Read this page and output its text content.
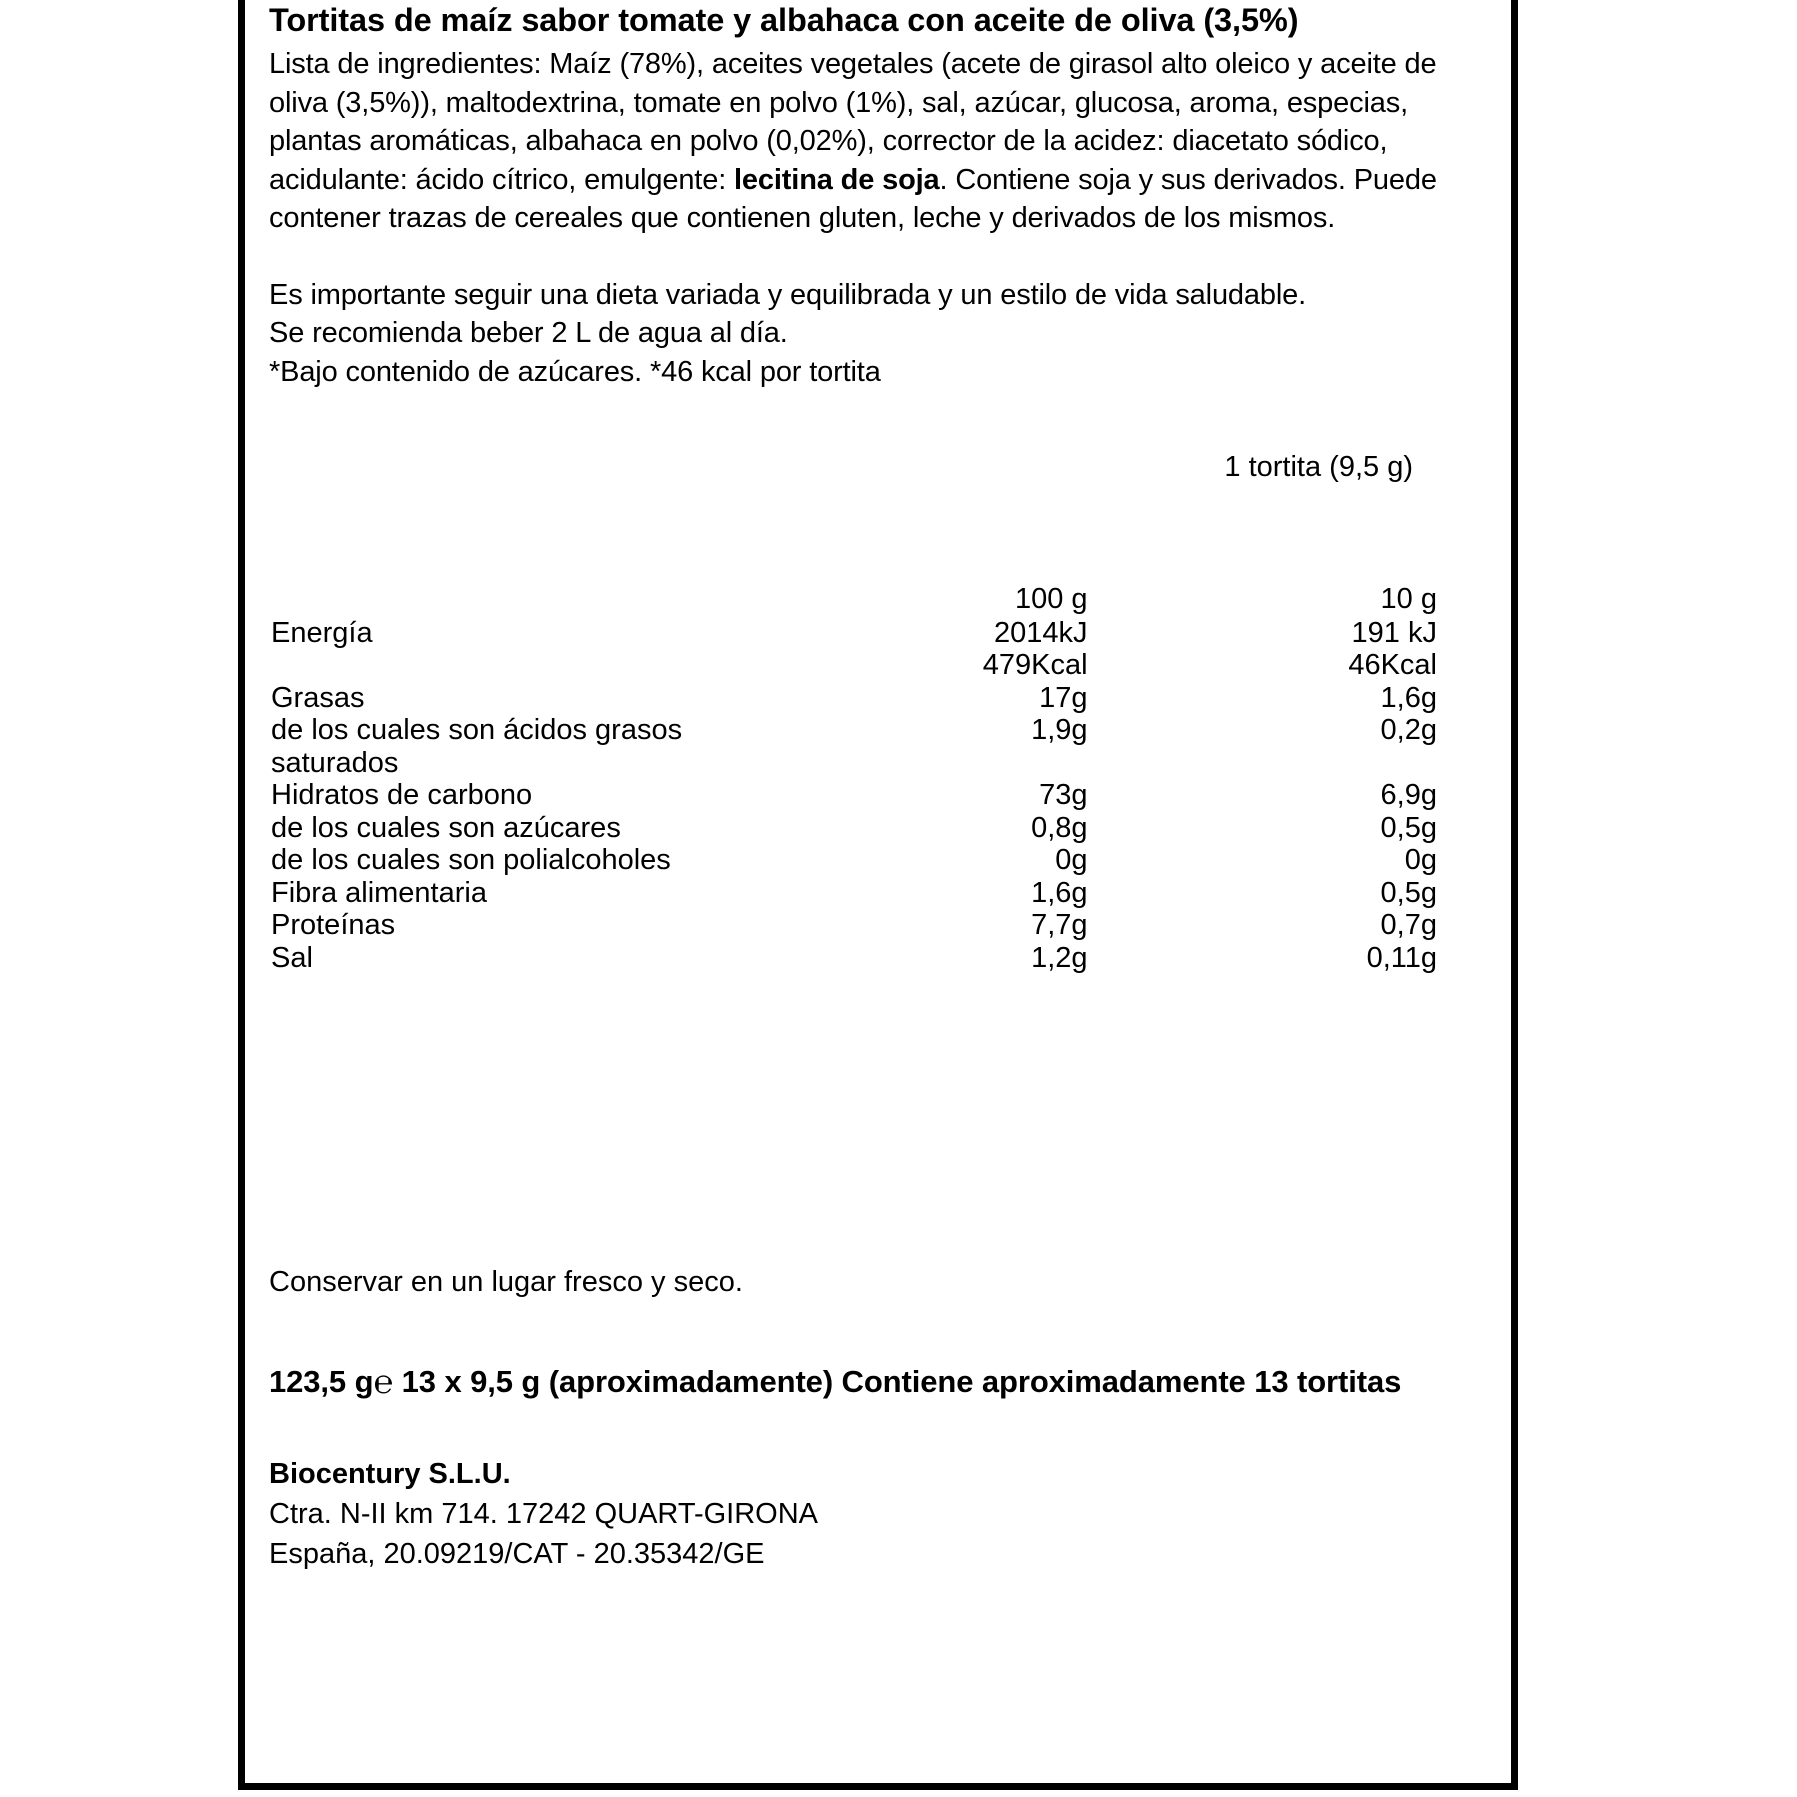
Tortitas de maíz sabor tomate y albahaca con aceite de oliva (3,5%)

Lista de ingredientes: Maíz (78%), aceites vegetales (acete de girasol alto oleico y aceite de oliva (3,5%)), maltodextrina, tomate en polvo (1%), sal, azúcar, glucosa, aroma, especias, plantas aromáticas, albahaca en polvo (0,02%), corrector de la acidez: diacetato sódico, acidulante: ácido cítrico, emulgente: lecitina de soja. Contiene soja y sus derivados. Puede contener trazas de cereales que contienen gluten, leche y derivados de los mismos.

Es importante seguir una dieta variada y equilibrada y un estilo de vida saludable.

Se recomienda beber 2 L de agua al día.

*Bajo contenido de azúcares. *46 kcal por tortita

1 tortita (9,5 g)
	100 g	10 g
Energía	2014kJ	191 kJ
	479Kcal	46Kcal
Grasas	17g	1,6g
de los cuales son ácidos grasos saturados	1,9g	0,2g
Hidratos de carbono	73g	6,9g
de los cuales son azúcares	0,8g	0,5g
de los cuales son polialcoholes	0g	0g
Fibra alimentaria	1,6g	0,5g
Proteínas	7,7g	0,7g
Sal	1,2g	0,11g

Conservar en un lugar fresco y seco.

123,5 g℮ 13 x 9,5 g (aproximadamente) Contiene aproximadamente 13 tortitas

Biocentury S.L.U.
Ctra. N-II km 714. 17242 QUART-GIRONA
España, 20.09219/CAT - 20.35342/GE
